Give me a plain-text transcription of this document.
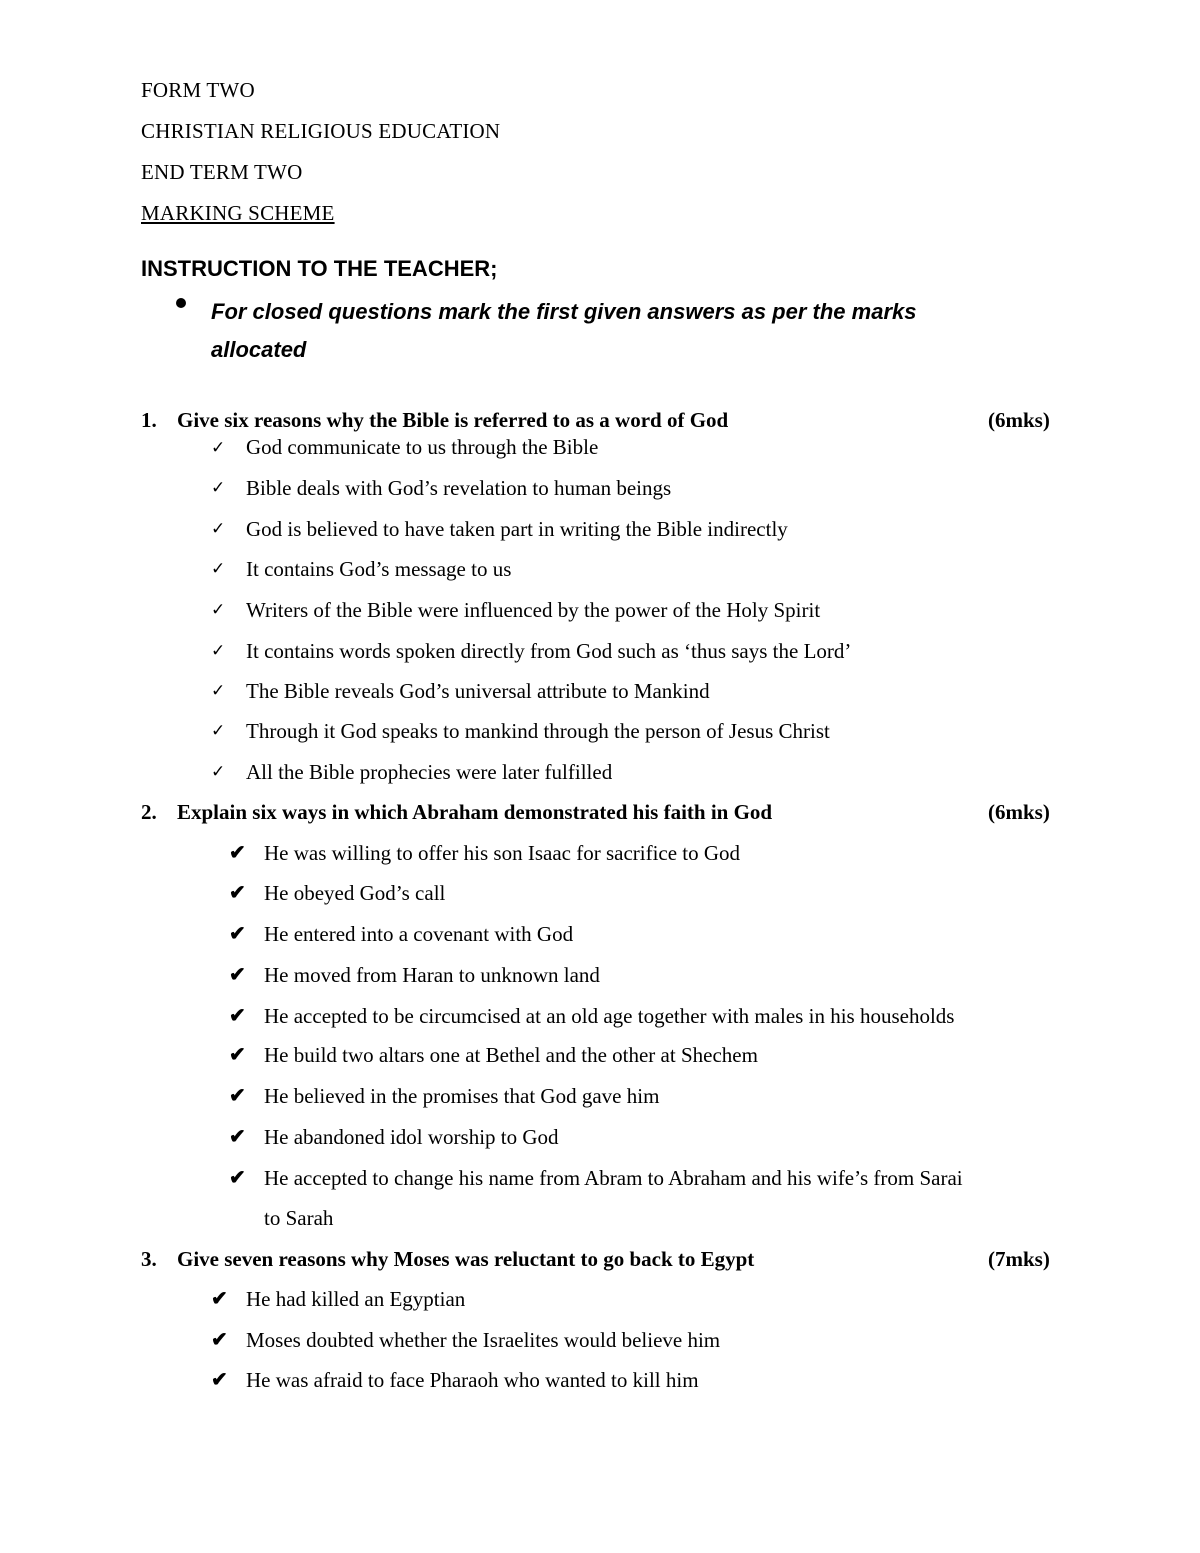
FORM TWO
CHRISTIAN RELIGIOUS EDUCATION
END TERM TWO
MARKING SCHEME
INSTRUCTION TO THE TEACHER;
For closed questions mark the first given answers as per the marks
allocated
1. Give six reasons why the Bible is referred to as a word of God	(6mks)
✓ God communicate to us through the Bible
✓ Bible deals with God’s revelation to human beings
✓ God is believed to have taken part in writing the Bible indirectly
✓ It contains God’s message to us
✓ Writers of the Bible were influenced by the power of the Holy Spirit
✓ It contains words spoken directly from God such as ‘thus says the Lord’
✓ The Bible reveals God’s universal attribute to Mankind
✓ Through it God speaks to mankind through the person of Jesus Christ
✓ All the Bible prophecies were later fulfilled
2. Explain six ways in which Abraham demonstrated his faith in God	(6mks)
✔ He was willing to offer his son Isaac for sacrifice to God
✔ He obeyed God’s call
✔ He entered into a covenant with God
✔ He moved from Haran to unknown land
✔ He accepted to be circumcised at an old age together with males in his households
✔ He build two altars one at Bethel and the other at Shechem
✔ He believed in the promises that God gave him
✔ He abandoned idol worship to God
✔ He accepted to change his name from Abram to Abraham and his wife’s from Sarai
to Sarah
3. Give seven reasons why Moses was reluctant to go back to Egypt	(7mks)
✔ He had killed an Egyptian
✔ Moses doubted whether the Israelites would believe him
✔ He was afraid to face Pharaoh who wanted to kill him
